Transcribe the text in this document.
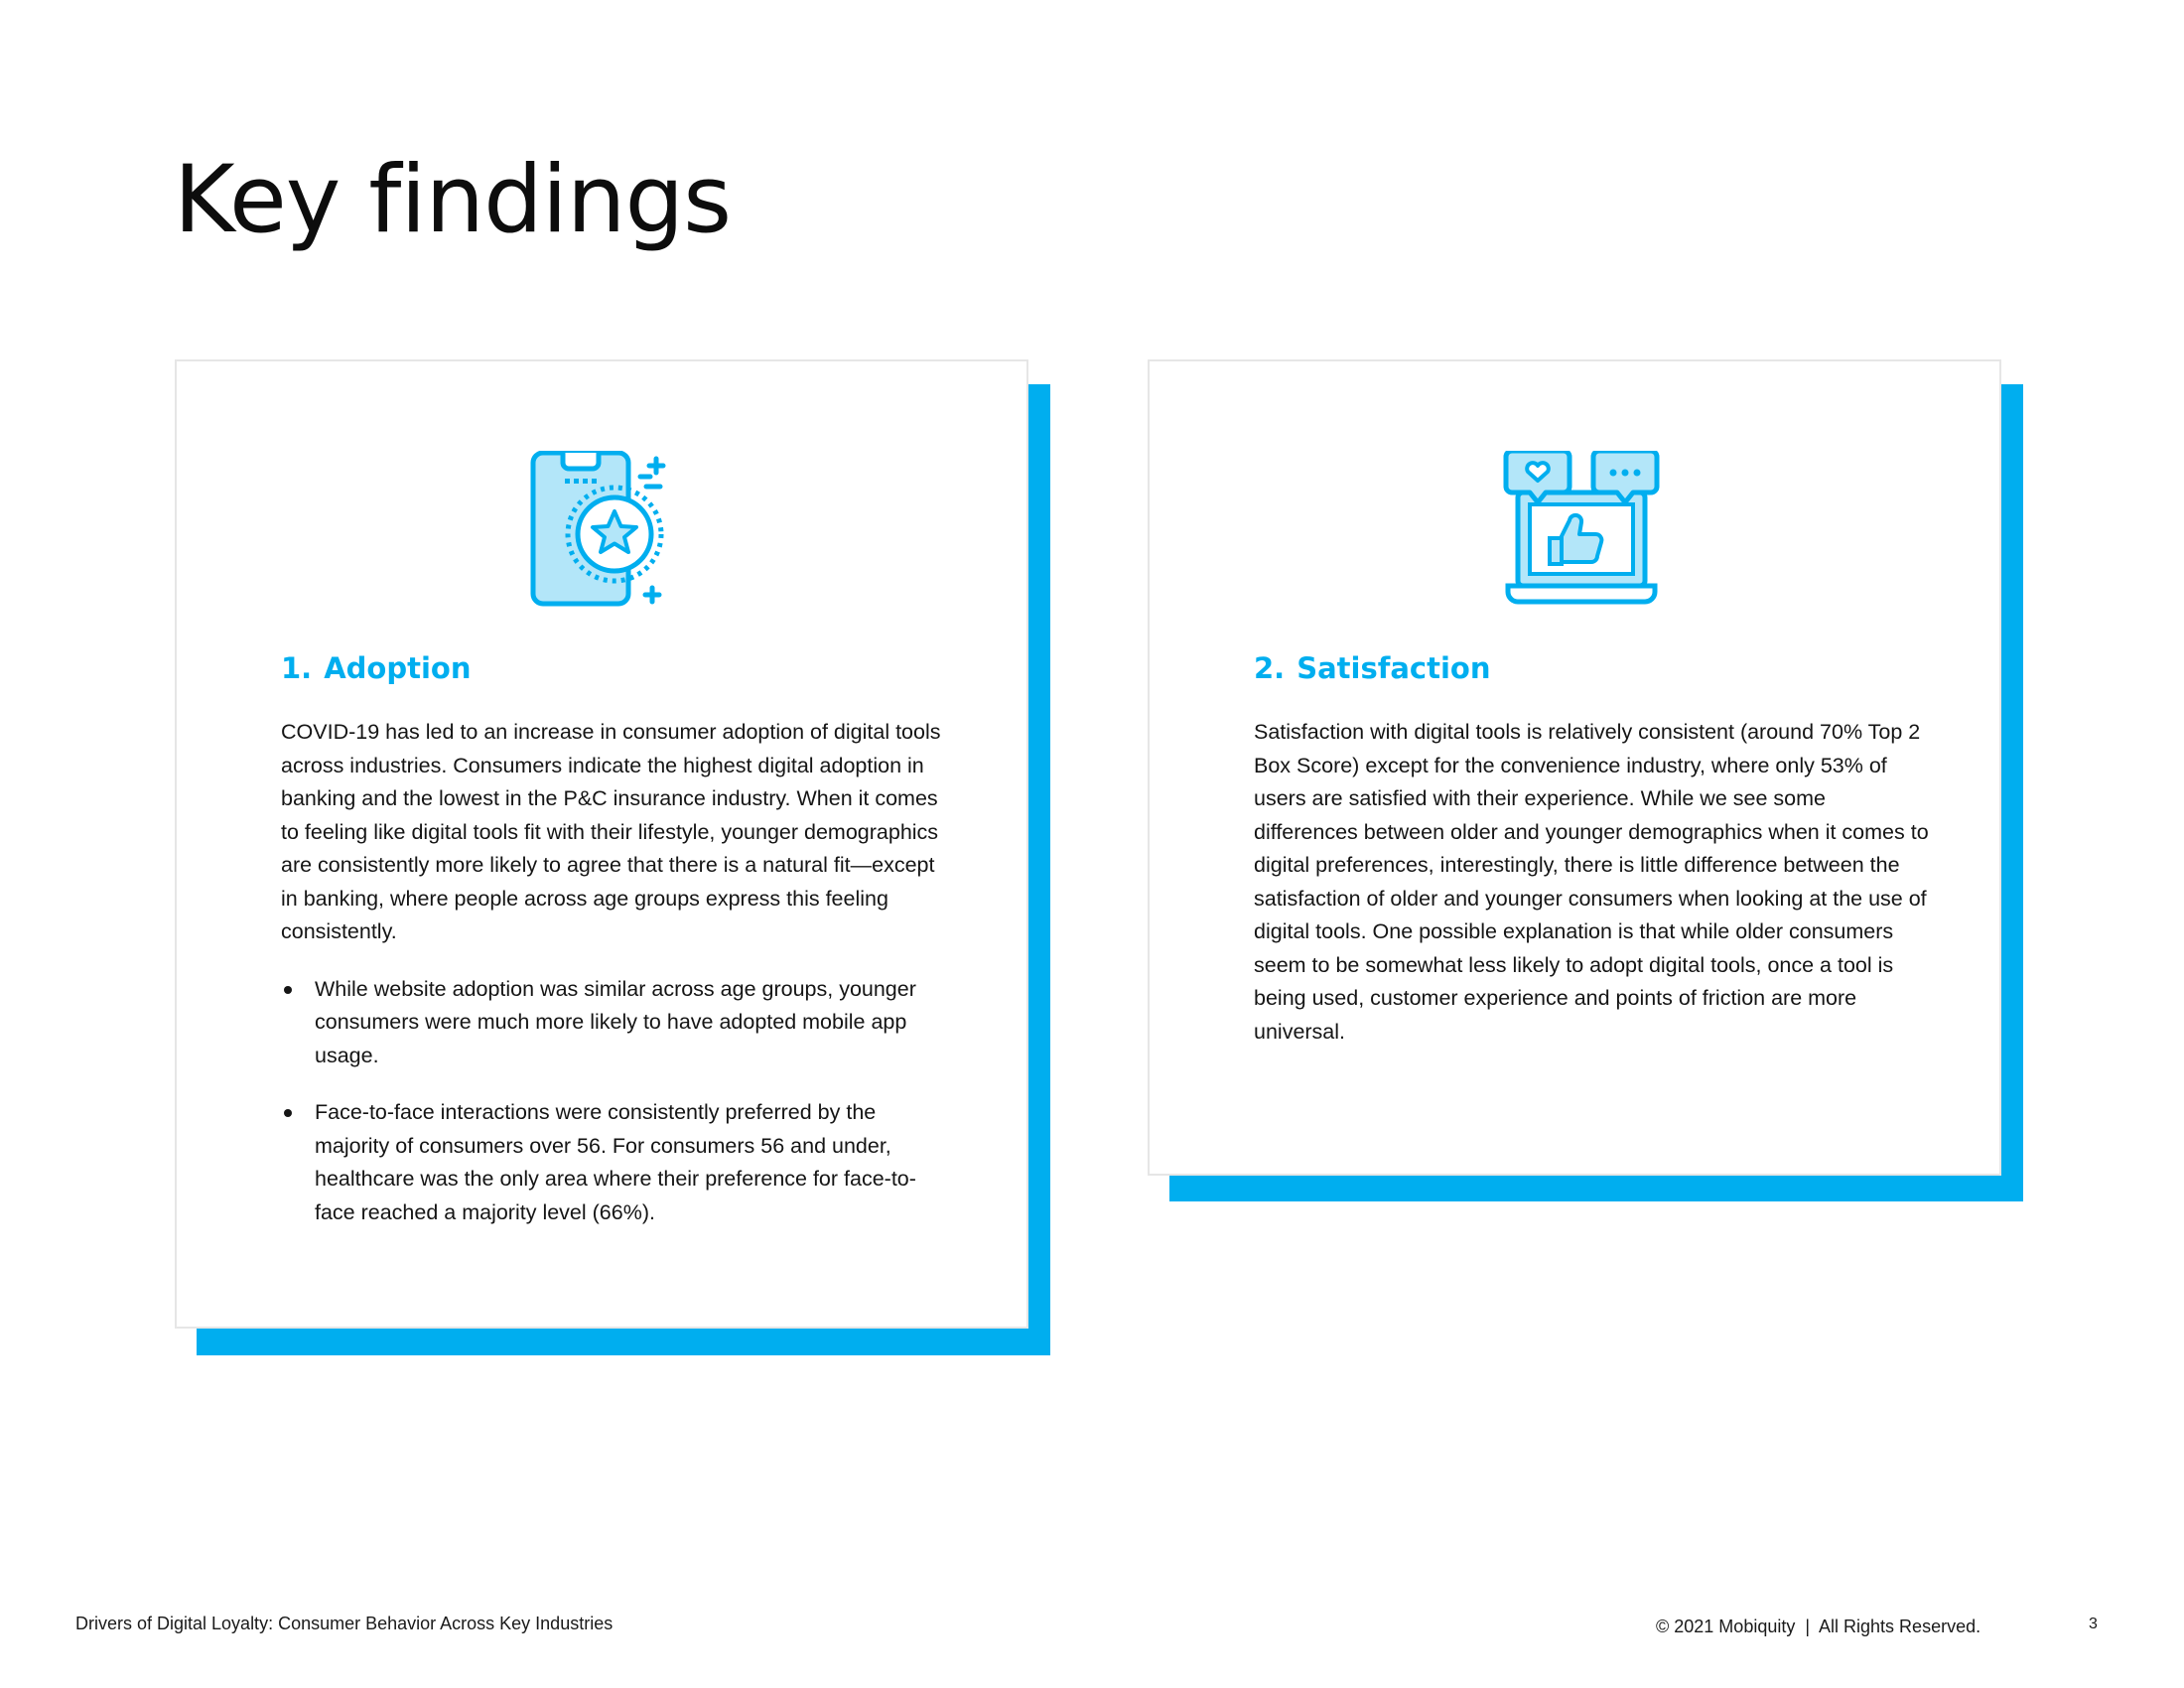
Key findings
1. Adoption

COVID-19 has led to an increase in consumer adoption of digital tools across industries. Consumers indicate the highest digital adoption in banking and the lowest in the P&C insurance industry. When it comes to feeling like digital tools fit with their lifestyle, younger demographics are consistently more likely to agree that there is a natural fit—except in banking, where people across age groups express this feeling consistently.

While website adoption was similar across age groups, younger consumers were much more likely to have adopted mobile app usage.
Face-to-face interactions were consistently preferred by the majority of consumers over 56. For consumers 56 and under, healthcare was the only area where their preference for face-to-face reached a majority level (66%).
2. Satisfaction

Satisfaction with digital tools is relatively consistent (around 70% Top 2 Box Score) except for the convenience industry, where only 53% of users are satisfied with their experience. While we see some differences between older and younger demographics when it comes to digital preferences, interestingly, there is little difference between the satisfaction of older and younger consumers when looking at the use of digital tools. One possible explanation is that while older consumers seem to be somewhat less likely to adopt digital tools, once a tool is being used, customer experience and points of friction are more universal.

Drivers of Digital Loyalty: Consumer Behavior Across Key Industries	© 2021 Mobiquity  |  All Rights Reserved.	3
